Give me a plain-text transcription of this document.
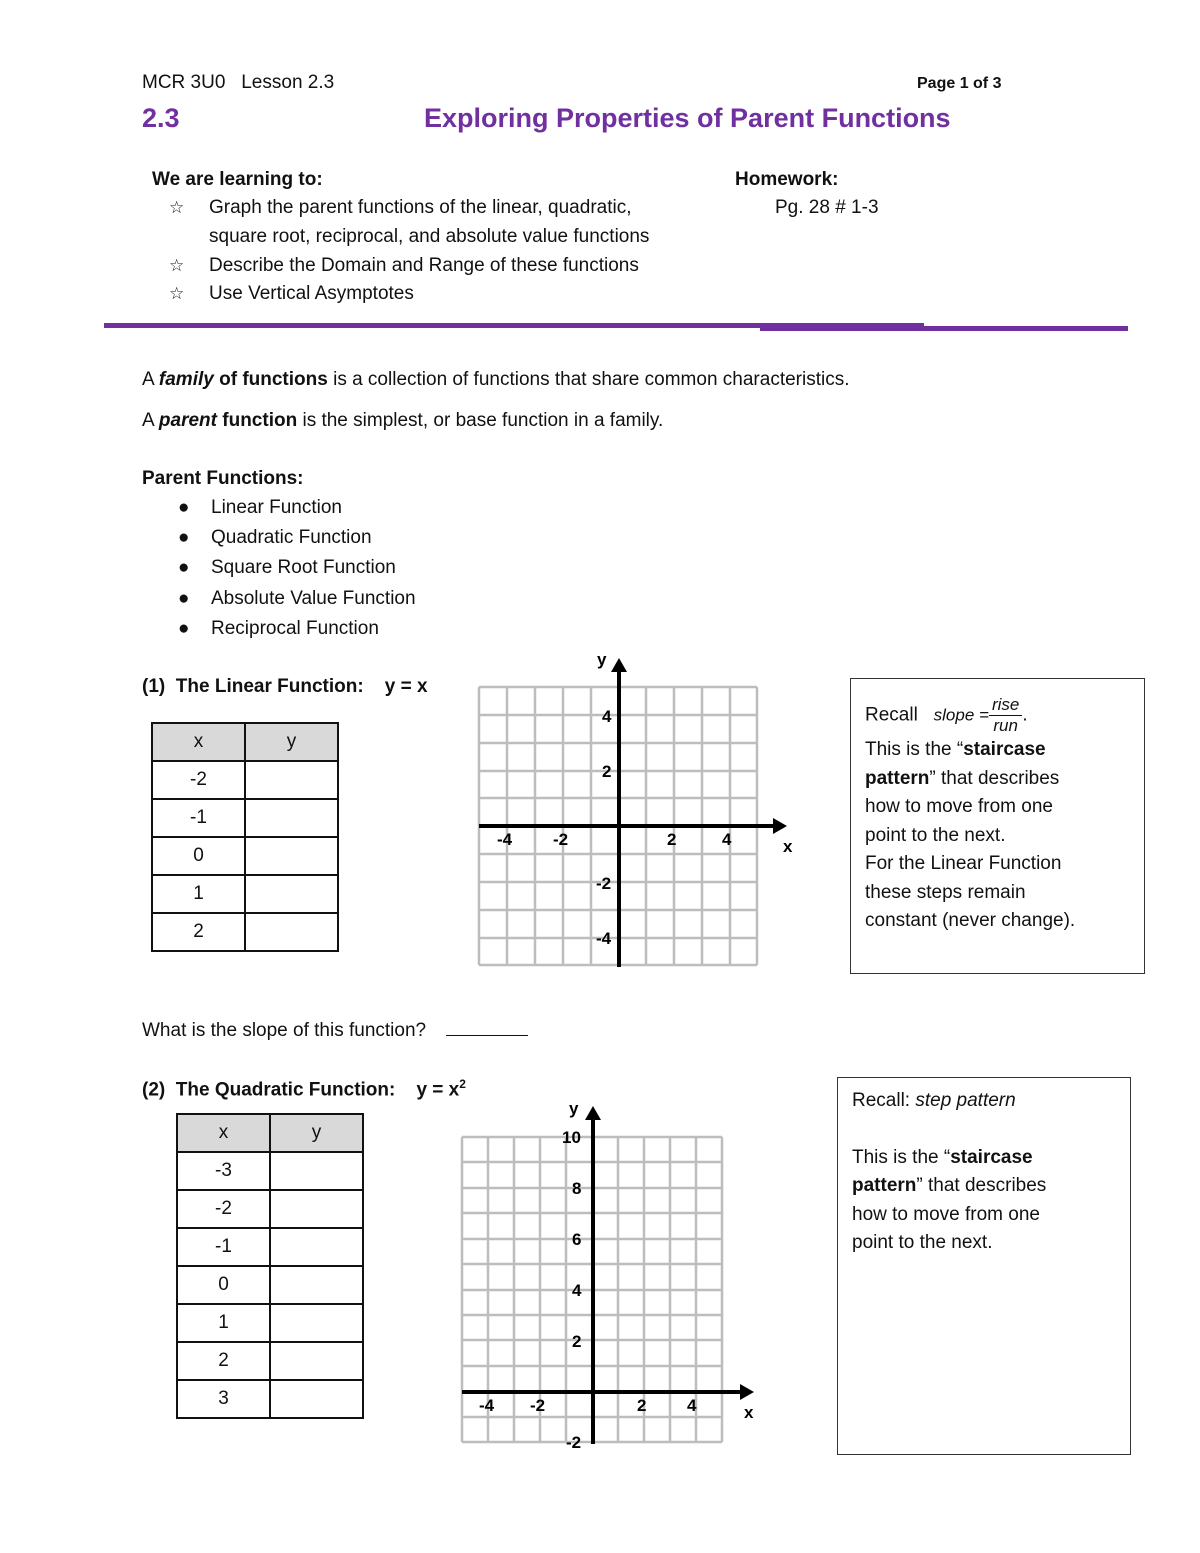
MCR 3U0   Lesson 2.3	Page 1 of 3
2.3	Exploring Properties of Parent Functions
We are learning to:
☆ Graph the parent functions of the linear, quadratic,
square root, reciprocal, and absolute value functions
☆ Describe the Domain and Range of these functions
☆ Use Vertical Asymptotes
Homework:
Pg. 28 # 1-3
A family of functions is a collection of functions that share common characteristics.
A parent function is the simplest, or base function in a family.
Parent Functions:
● Linear Function
● Quadratic Function
● Square Root Function
● Absolute Value Function
● Reciprocal Function
(1)  The Linear Function:    y = x
x	y
-2	
-1	
0	
1	
2	
x
y
-4 -2	2	4
4
2
-2
-4
Recall slope = $\frac{\text{rise}}{\text{run}}$ .
This is the “staircase
pattern” that describes
how to move from one
point to the next.
For the Linear Function
these steps remain
constant (never change).
What is the slope of this function?
(2)  The Quadratic Function:    $y = x^2$
x	y
-3	
-2	
-1	
0	
1	
2	
3	
x
y
-4 -2	2 4
10
8
6
4
2
-2
Recall: step pattern
This is the “staircase
pattern” that describes
how to move from one
point to the next.
